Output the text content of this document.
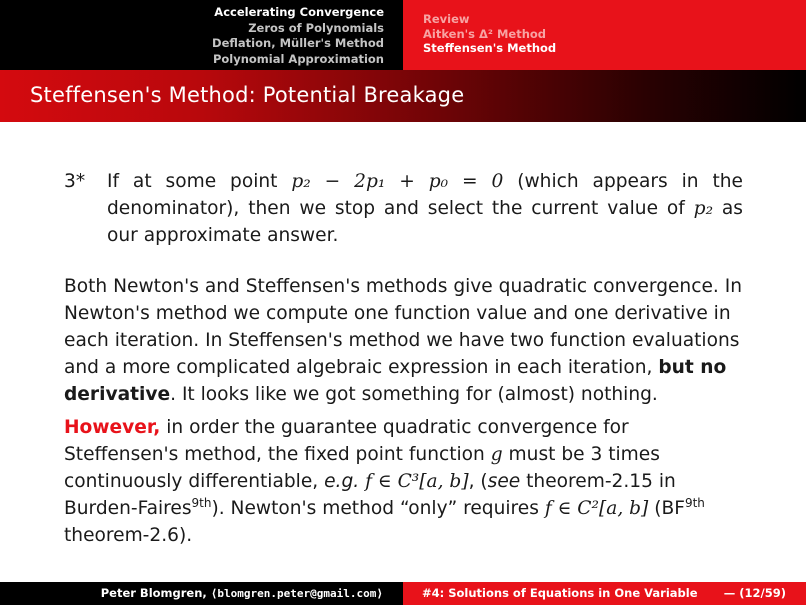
Accelerating Convergence
Zeros of Polynomials
Deflation, Müller's Method
Polynomial Approximation
Review
Aitken's Δ² Method
Steffensen's Method
Steffensen's Method: Potential Breakage
3*	If at some point p₂ − 2p₁ + p₀ = 0 (which appears in the denominator), then we stop and select the current value of p₂ as our approximate answer.
Both Newton's and Steffensen's methods give quadratic convergence. In Newton's method we compute one function value and one derivative in each iteration. In Steffensen's method we have two function evaluations and a more complicated algebraic expression in each iteration, but no derivative. It looks like we got something for (almost) nothing.
However, in order the guarantee quadratic convergence for Steffensen's method, the fixed point function g must be 3 times continuously differentiable, e.g. f ∈ C³[a, b], (see theorem-2.15 in Burden-Faires$^{9th}$). Newton's method “only” requires f ∈ C²[a, b] ($BF^{9th}$ theorem-2.6).
Peter Blomgren, ⟨blomgren.peter@gmail.com⟩	#4: Solutions of Equations in One Variable — (12/59)
